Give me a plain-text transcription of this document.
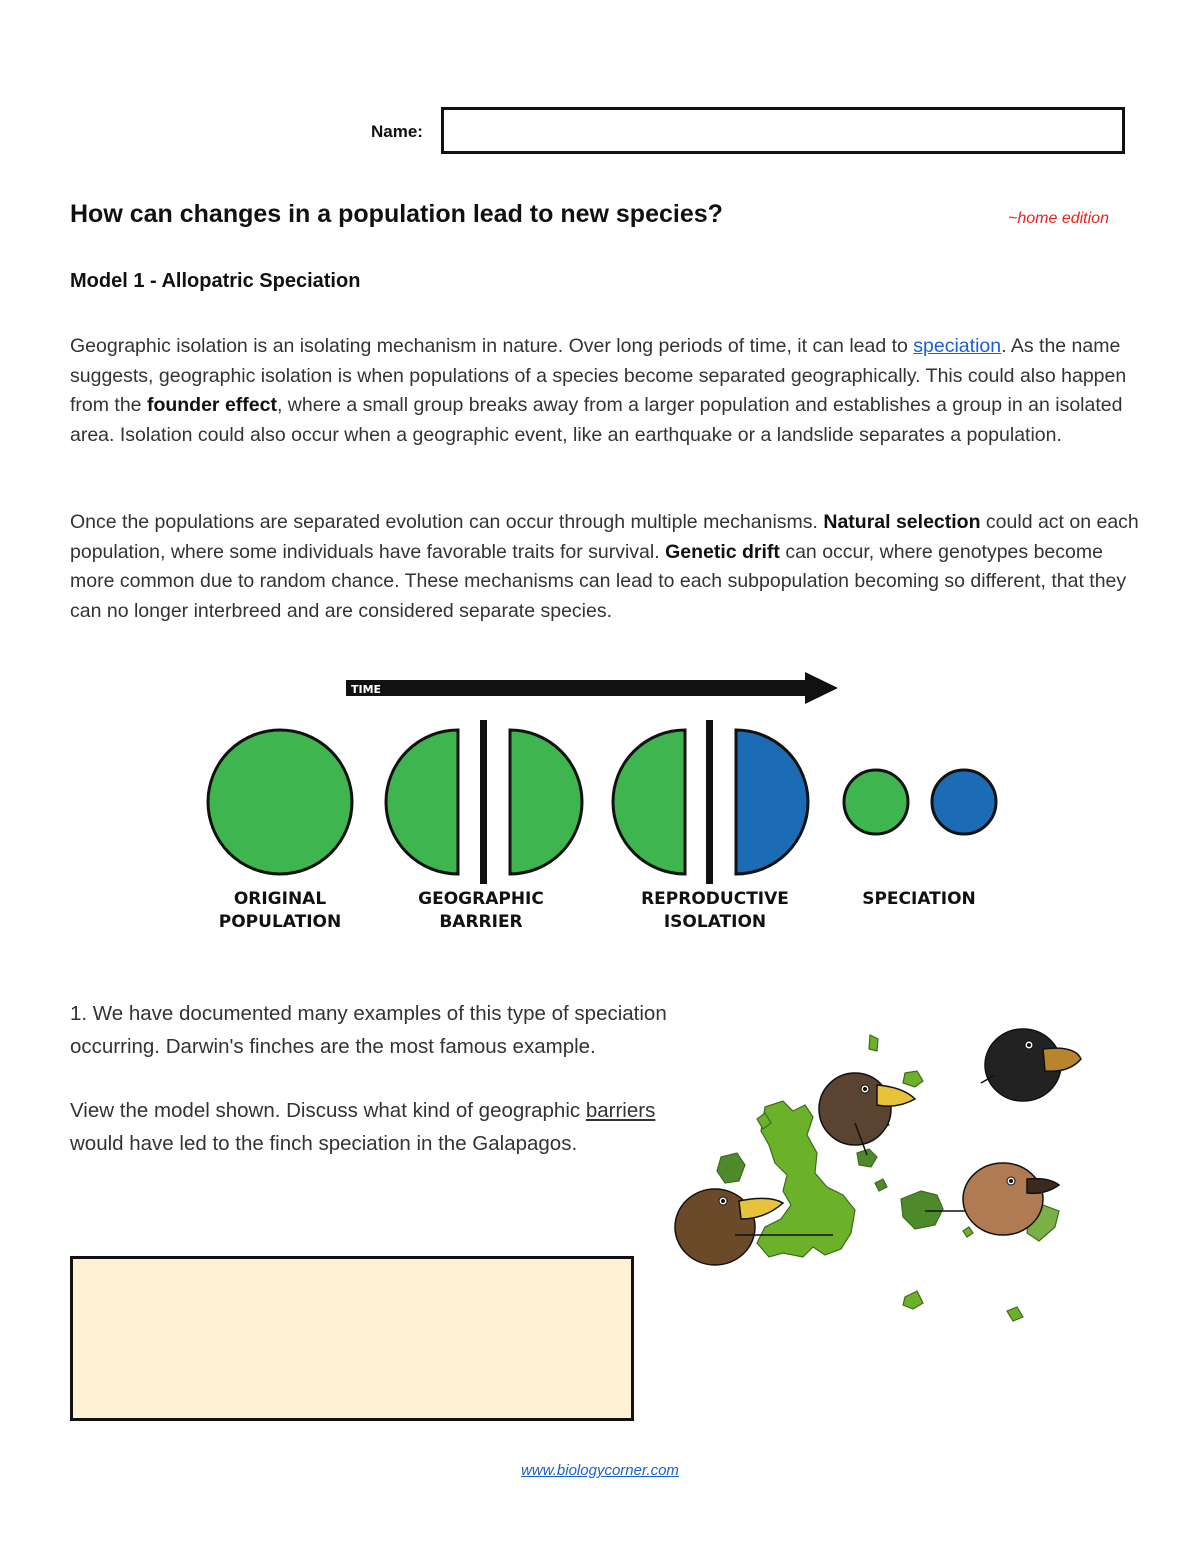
Name:
How can changes in a population lead to new species?	~home edition
Model 1 - Allopatric Speciation
Geographic isolation is an isolating mechanism in nature. Over long periods of time, it can lead to speciation. As the name suggests, geographic isolation is when populations of a species become separated geographically. This could also happen from the founder effect, where a small group breaks away from a larger population and establishes a group in an isolated area. Isolation could also occur when a geographic event, like an earthquake or a landslide separates a population.
Once the populations are separated evolution can occur through multiple mechanisms. Natural selection could act on each population, where some individuals have favorable traits for survival. Genetic drift can occur, where genotypes become more common due to random chance. These mechanisms can lead to each subpopulation becoming so different, that they can no longer interbreed and are considered separate species.
TIME
ORIGINAL
POPULATION
GEOGRAPHIC
BARRIER
REPRODUCTIVE
ISOLATION
SPECIATION

1. We have documented many examples of this type of speciation occurring. Darwin's finches are the most famous example.

View the model shown. Discuss what kind of geographic barriers would have led to the finch speciation in the Galapagos.

www.biologycorner.com
